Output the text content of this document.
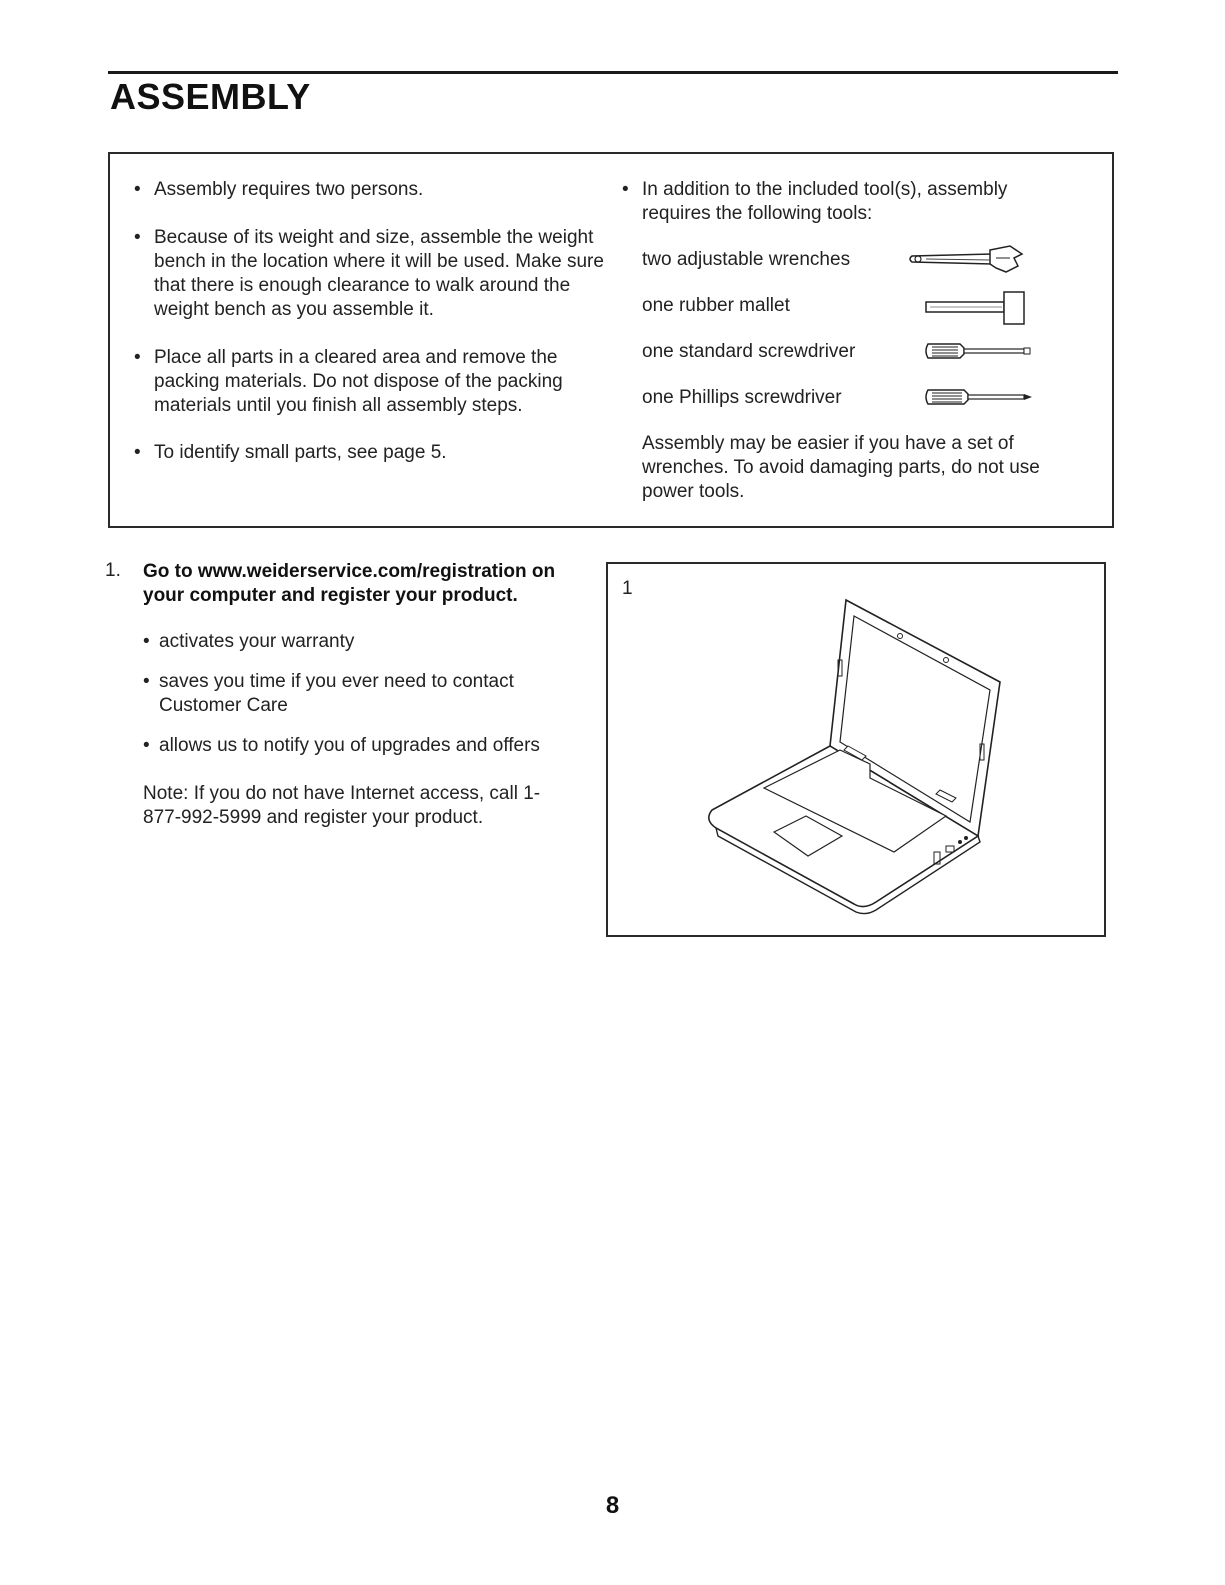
ASSEMBLY
• Assembly requires two persons.
• Because of its weight and size, assemble the weight bench in the location where it will be used. Make sure that there is enough clearance to walk around the weight bench as you assemble it.
• Place all parts in a cleared area and remove the packing materials. Do not dispose of the packing materials until you finish all assembly steps.
• To identify small parts, see page 5.
• In addition to the included tool(s), assembly requires the following tools:
two adjustable wrenches
one rubber mallet
one standard screwdriver
one Phillips screwdriver
Assembly may be easier if you have a set of wrenches. To avoid damaging parts, do not use power tools.
1. Go to www.weiderservice.com/registration on your computer and register your product.
• activates your warranty
• saves you time if you ever need to contact Customer Care
• allows us to notify you of upgrades and offers
Note: If you do not have Internet access, call 1-877-992-5999 and register your product.
1
8
